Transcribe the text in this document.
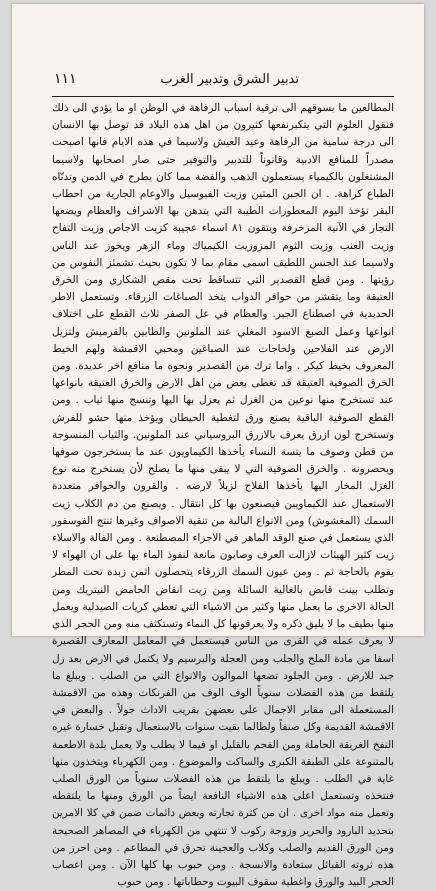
تدبير الشرق وتدبير الغرب
١١١

المطالعين ما بسوقهم الى ترقية اسباب الرفاهة في الوطن او ما يؤدي الى ذلك فنقول العلوم التي يتكبرنفعها كثيرون من اهل هذه البلاد قد توصل بها الانسان الى درجة سامية من الرفاهة وعيد العيش ولاسيما في هذه الايام فانها اصبحت مصدراً للمنافع الادبية وقانوناً للتدبير والتوفير حتى صار اصحابها ولاسيما المشتغلون بالكيمياء يستعملون الذهب والفضة مما كان يطرح في الدمن وتدنّاه الطباع كراهة. . ان الجبن المتين وزيت الفيوسيل والاوعام الجارية من احطاب البقر تؤخذ اليوم المعطورات الطيبة التي يتدهن بها الاشراف والعظام ويضعها التجار في الآنية المزخرفة ويتقون ٨١ اسماء عجيبة كزيت الاجاص وزيت التفاح وزيت العنب وزيت الثوم المزوزيت الكيمياك وماء الزهر ويحوز عند الناس ولاسيما عند الجنس اللطيف اسمى مقام بما لا تكون بحيث تشمئز النفوس من رؤيتها . ومن قطع القصدير التي تتساقط تحت مقص الشكاري ومن الخرق العتيقة وما يتقشر من حوافر الدواب يتخذ الصباغات الزرقاء. وتستعمل الاطر الحديدية في اصطناع الجير. والعظام في عل الصفر ثلاث القطع على اختلاف انواعها وعمل الصبغ الاسود المغلي عند الملونين والطابين بالقرميش ولتزيل الارض عند الفلاحين ولحاجات عند الصباغين ومحبي الاقمشة ولهم الخيط المعروف بخيط كيكر . واما ترك من القصدير ونحوه ما منافع اخر عديدة. ومن الخرق الصوفية العتيقة قد تغطى بعض من اهل الارض والخرق العتيقة بانواعها عند تستخرج منها نوعين من الغزل ثم يعزل بها اليها وتنسج منها ثياب . ومن القطع الصوفية الباقية يصنع ورق لتغطية الحيطان ويؤخذ منها حشو للفرش وتستخرج لون ازرق يعرف بالازرق البروسياني عند الملونين. والثياب المنسوجة من قطن وصوف ما يتسة النساء يأخذها الكيماويون عند ما يستخرجون صوفها ويحصرونه . والخرق الصوفية التي لا يبقى منها ما يصلح لأن يستخرج منه نوع الغزل المخار اليها يأخذها الفلاح لزبلاً لارضه . والقرون والحوافر متعددة الاستعمال عند الكيماويين فيصنعون بها كل انتقال . ويصنع من دم الكلاب زيت السمك (المغشوش) ومن الانواع البالية من تنقية الاصواف وغيرها تنتج الفوسفور الذي يستعمل في صنع الوقد الماهر في الاجزاء المصطنعة . ومن الفالة والاسلاء زيت كثير الهيئات لازالت العرف وصابون مانعة لنفوذ الماء بها على ان الهواء لا يقوم بالحاجة ثم . ومن عيون السمك الزرقاء يتحصلون اثمن زبدة تحت المطر وتطلب بينت قابض بالغالية السائلة ومن زيت انقاض الحامض النيتريك ومن الحالة الاخرى ما يعمل منها وكثير من الاشياء التي تعطي كريات الصيدلية ويعمل منها بطيف ما لا يليق ذكره ولا يعرفونها كل النماء وتستكثف منه ومن الحجر الذي لا يعرف عمله في القرى من الناس فيستعمل في المعامل المعارف القصيرة اسفا من مادة الملح والجلب ومن العجلة والبرسيم ولا يكتمل في الارض بعد زل جبد للارض . ومن الجلود تضعها الموالون والانواع التي من الصلب . ويبلغ ما يلتقط من هذه الفضلات سنوياً الوف الوف من الفرنكات وهذه من الاقمشة المستعملة الى مقابر الاجمال على بعضهن بقريب الاداث جولاً . والبعض في الاقمشة القديمة وكل صنفاً ولطالما بقيت سنوات بالاستعمال وتقبل خسارة غيره النفخ الغريقة الحاملة ومن الفحم بالقليل او فيما لا يطلب ولا يعمل بلدة الاطعمة بالمتنوعة على الطبقة الكبرى والساكت والموضوع . ومن الكهرباء ويتخذون منها غاية في الطلب . ويبلغ ما يلتقط من هذه الفضلات سنوياً من الورق الصلب فنتخذه وتستعمل اعلى هذه الاشياء النافعة ايضاً من الورق ومنها ما يلتقطه وتعمل منه مواد اخرى . ان من كثرة تجارته وبعض دائمات ضمن في كلا الامرين بتحديد البارود والحرير وزوجة ركوب لا تنتهي من الكهرباء في المصاهر الصحيحة ومن الورق القديم والصلب وكلاب والعجينة تحرق في المطاعم . ومن احرز من هذه ثروته القبائل ستعادة والانسجة . ومن حبوب بها كلها الآن . ومن اعصاب الحجر البيد والورق واغطية سقوف البيوت وحطاباتها . ومن حبوب
